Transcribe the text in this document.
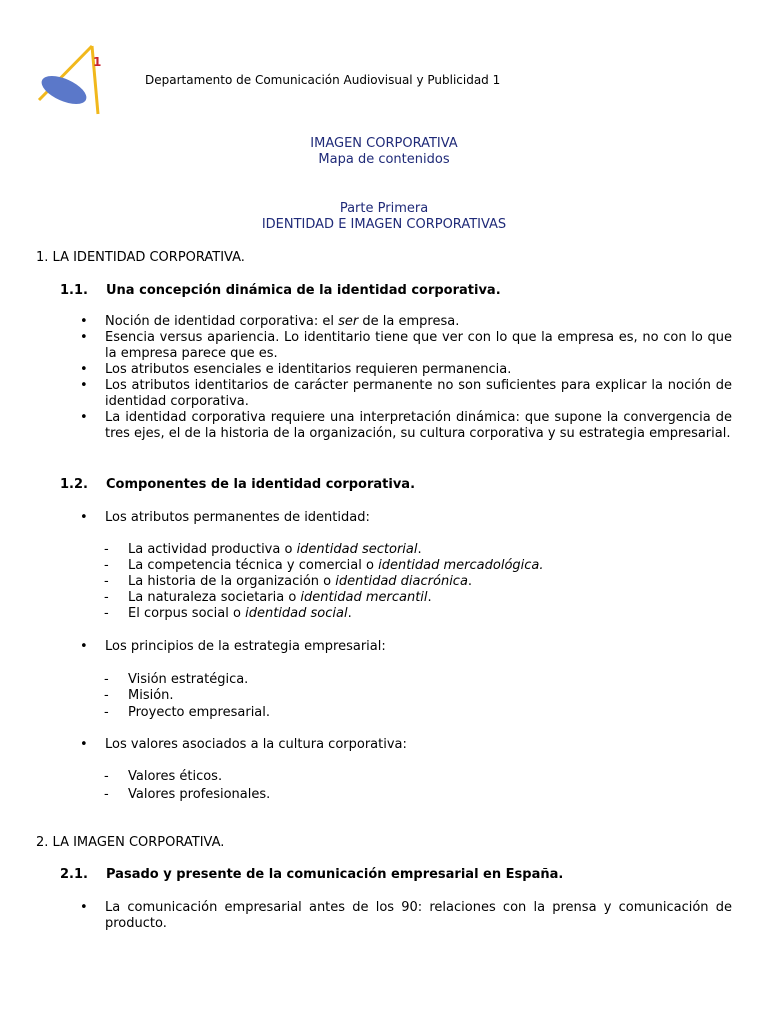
1
Departamento de Comunicación Audiovisual y Publicidad 1
IMAGEN CORPORATIVA
Mapa de contenidos
Parte Primera
IDENTIDAD E IMAGEN CORPORATIVAS
1. LA IDENTIDAD CORPORATIVA.
1.1. Una concepción dinámica de la identidad corporativa.
• Noción de identidad corporativa: el ser de la empresa.
• Esencia versus apariencia. Lo identitario tiene que ver con lo que la empresa es, no con lo que la empresa parece que es.
• Los atributos esenciales e identitarios requieren permanencia.
• Los atributos identitarios de carácter permanente no son suficientes para explicar la noción de identidad corporativa.
• La identidad corporativa requiere una interpretación dinámica: que supone la convergencia de tres ejes, el de la historia de la organización, su cultura corporativa y su estrategia empresarial.
1.2. Componentes de la identidad corporativa.
• Los atributos permanentes de identidad:
- La actividad productiva o identidad sectorial.
- La competencia técnica y comercial o identidad mercadológica.
- La historia de la organización o identidad diacrónica.
- La naturaleza societaria o identidad mercantil.
- El corpus social o identidad social.
• Los principios de la estrategia empresarial:
- Visión estratégica.
- Misión.
- Proyecto empresarial.
• Los valores asociados a la cultura corporativa:
- Valores éticos.
- Valores profesionales.
2. LA IMAGEN CORPORATIVA.
2.1. Pasado y presente de la comunicación empresarial en España.
• La comunicación empresarial antes de los 90: relaciones con la prensa y comunicación de producto.
